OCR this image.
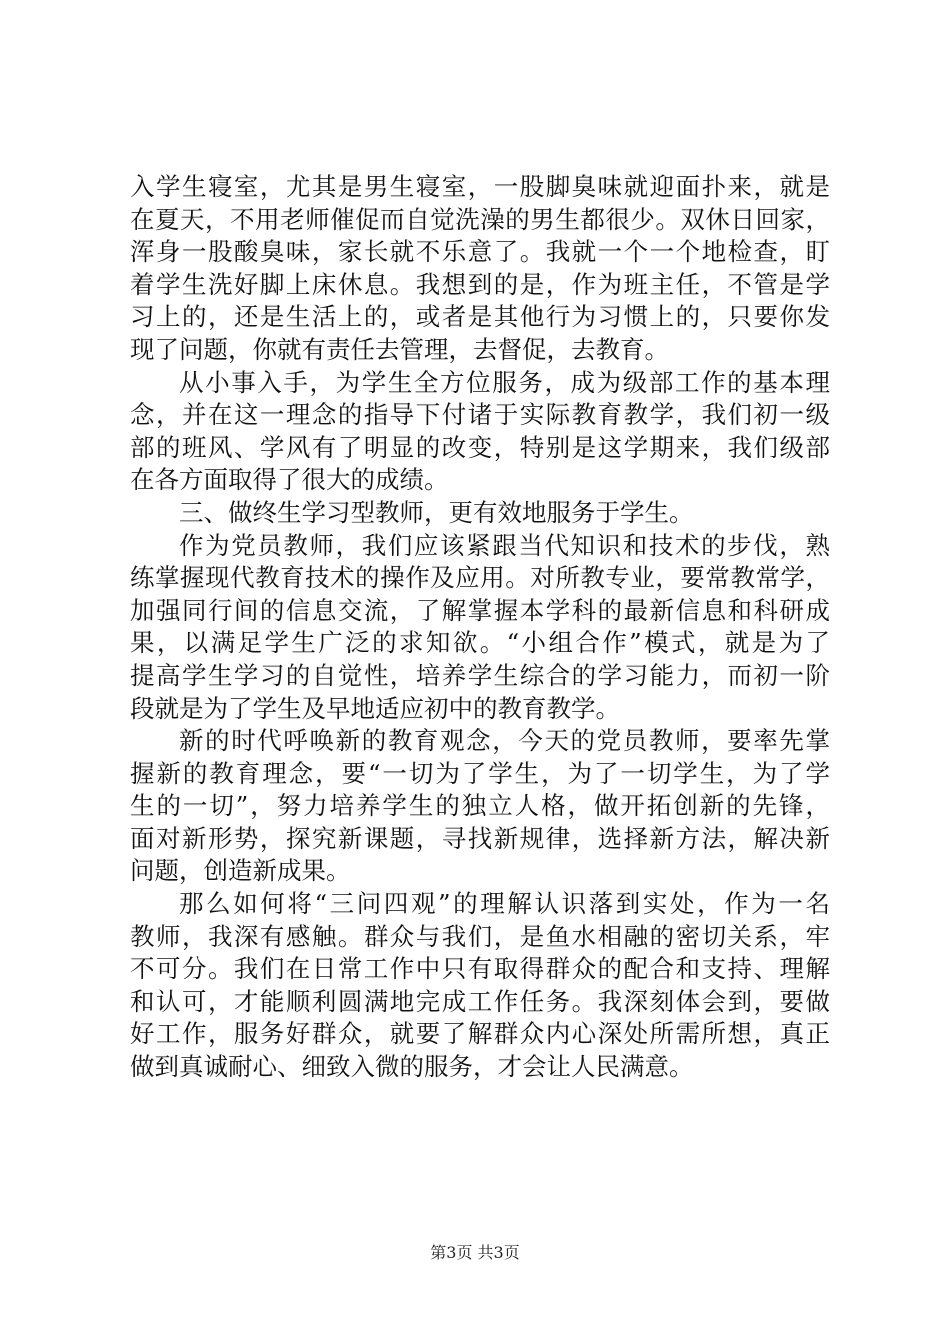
入学生寝室，尤其是男生寝室，一股脚臭味就迎面扑来，就是
在夏天，不用老师催促而自觉洗澡的男生都很少。双休日回家，
浑身一股酸臭味，家长就不乐意了。我就一个一个地检查，盯
着学生洗好脚上床休息。我想到的是，作为班主任，不管是学
习上的，还是生活上的，或者是其他行为习惯上的，只要你发
现了问题，你就有责任去管理，去督促，去教育。
从小事入手，为学生全方位服务，成为级部工作的基本理
念，并在这一理念的指导下付诸于实际教育教学，我们初一级
部的班风、学风有了明显的改变，特别是这学期来，我们级部
在各方面取得了很大的成绩。
三、做终生学习型教师，更有效地服务于学生。
作为党员教师，我们应该紧跟当代知识和技术的步伐，熟
练掌握现代教育技术的操作及应用。对所教专业，要常教常学，
加强同行间的信息交流，了解掌握本学科的最新信息和科研成
果，以满足学生广泛的求知欲。“小组合作”模式，就是为了
提高学生学习的自觉性，培养学生综合的学习能力，而初一阶
段就是为了学生及早地适应初中的教育教学。
新的时代呼唤新的教育观念，今天的党员教师，要率先掌
握新的教育理念，要“一切为了学生，为了一切学生，为了学
生的一切”，努力培养学生的独立人格，做开拓创新的先锋，
面对新形势，探究新课题，寻找新规律，选择新方法，解决新
问题，创造新成果。
那么如何将“三问四观”的理解认识落到实处，作为一名
教师，我深有感触。群众与我们，是鱼水相融的密切关系，牢
不可分。我们在日常工作中只有取得群众的配合和支持、理解
和认可，才能顺利圆满地完成工作任务。我深刻体会到，要做
好工作，服务好群众，就要了解群众内心深处所需所想，真正
做到真诚耐心、细致入微的服务，才会让人民满意。
第3页 共3页
